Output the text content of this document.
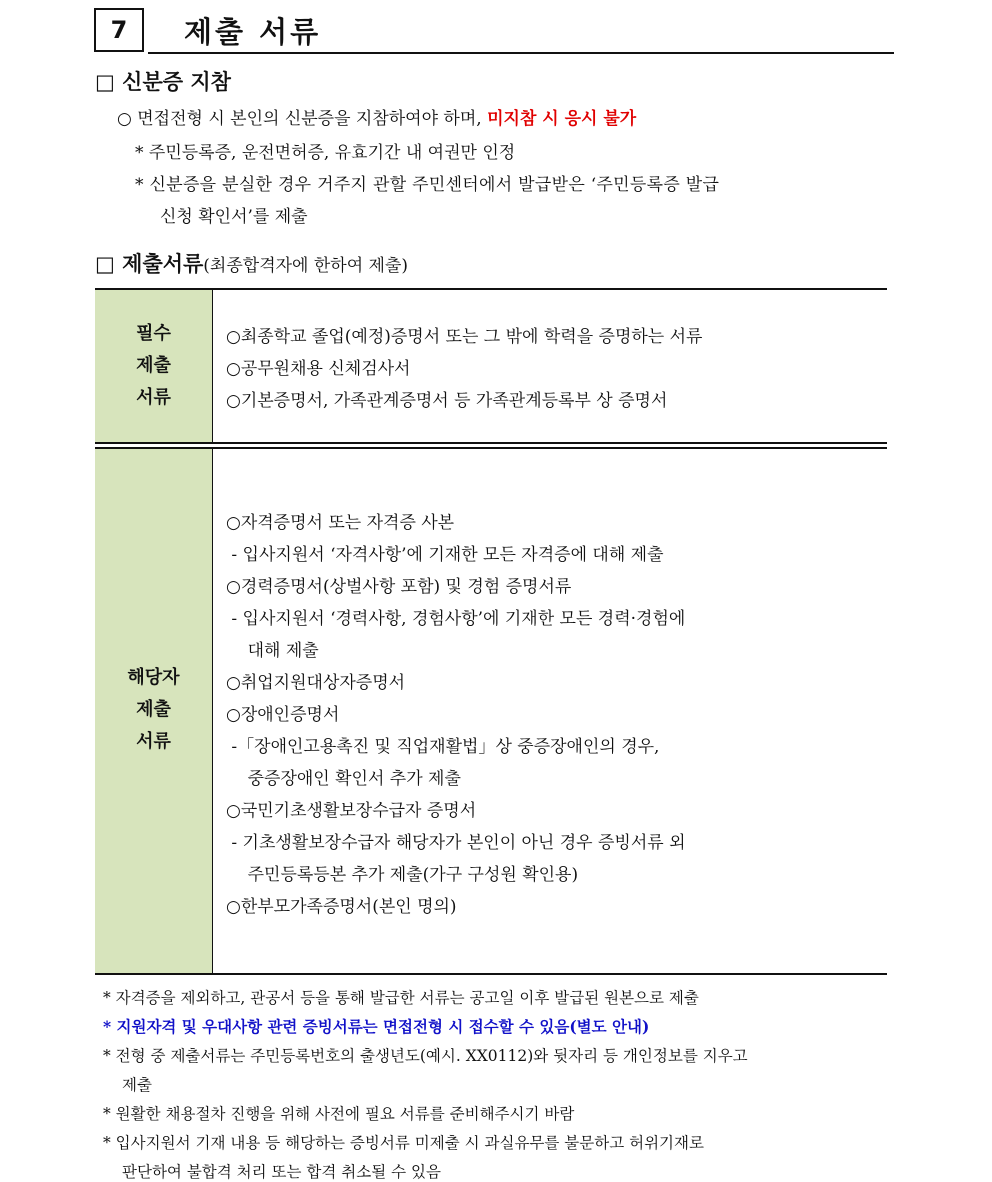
7	제출 서류
□ 신분증 지참
○ 면접전형 시 본인의 신분증을 지참하여야 하며, 미지참 시 응시 불가
* 주민등록증, 운전면허증, 유효기간 내 여권만 인정
* 신분증을 분실한 경우 거주지 관할 주민센터에서 발급받은 ‘주민등록증 발급
신청 확인서’를 제출
□ 제출서류(최종합격자에 한하여 제출)
필수
제출
서류
○최종학교 졸업(예정)증명서 또는 그 밖에 학력을 증명하는 서류
○공무원채용 신체검사서
○기본증명서, 가족관계증명서 등 가족관계등록부 상 증명서
해당자
제출
서류
○자격증명서 또는 자격증 사본
- 입사지원서 ‘자격사항’에 기재한 모든 자격증에 대해 제출
○경력증명서(상벌사항 포함) 및 경험 증명서류
- 입사지원서 ‘경력사항, 경험사항’에 기재한 모든 경력·경험에
대해 제출
○취업지원대상자증명서
○장애인증명서
-「장애인고용촉진 및 직업재활법」상 중증장애인의 경우,
중증장애인 확인서 추가 제출
○국민기초생활보장수급자 증명서
- 기초생활보장수급자 해당자가 본인이 아닌 경우 증빙서류 외
주민등록등본 추가 제출(가구 구성원 확인용)
○한부모가족증명서(본인 명의)
* 자격증을 제외하고, 관공서 등을 통해 발급한 서류는 공고일 이후 발급된 원본으로 제출
* 지원자격 및 우대사항 관련 증빙서류는 면접전형 시 접수할 수 있음(별도 안내)
* 전형 중 제출서류는 주민등록번호의 출생년도(예시. XX0112)와 뒷자리 등 개인정보를 지우고
제출
* 원활한 채용절차 진행을 위해 사전에 필요 서류를 준비해주시기 바람
* 입사지원서 기재 내용 등 해당하는 증빙서류 미제출 시 과실유무를 불문하고 허위기재로
판단하여 불합격 처리 또는 합격 취소될 수 있음
